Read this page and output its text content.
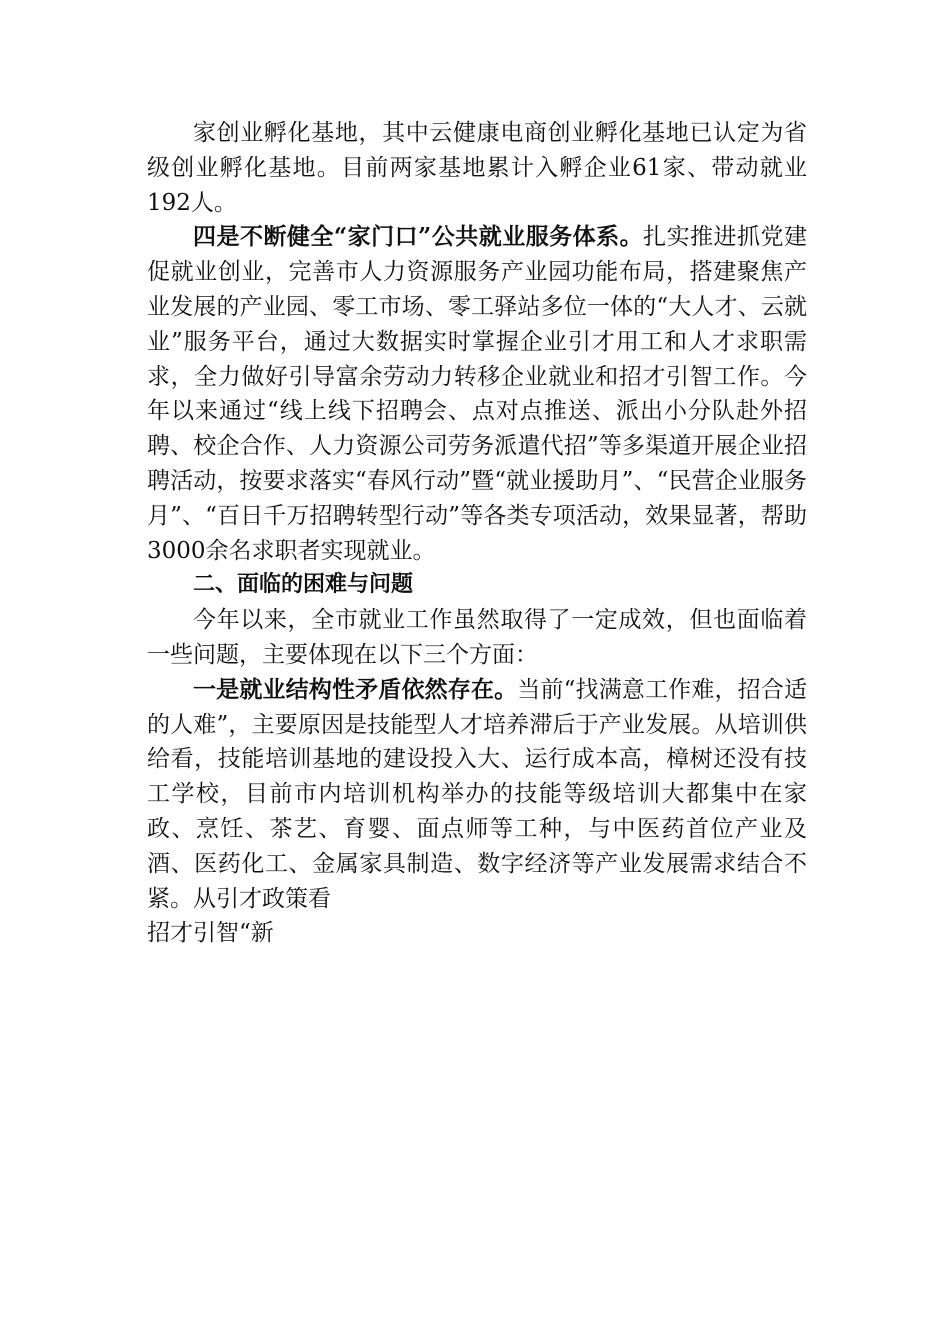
家创业孵化基地，其中云健康电商创业孵化基地已认定为省级创业孵化基地。目前两家基地累计入孵企业61家、带动就业192人。

四是不断健全“家门口”公共就业服务体系。扎实推进抓党建促就业创业，完善市人力资源服务产业园功能布局，搭建聚焦产业发展的产业园、零工市场、零工驿站多位一体的“大人才、云就业”服务平台，通过大数据实时掌握企业引才用工和人才求职需求，全力做好引导富余劳动力转移企业就业和招才引智工作。今年以来通过“线上线下招聘会、点对点推送、派出小分队赴外招聘、校企合作、人力资源公司劳务派遣代招”等多渠道开展企业招聘活动，按要求落实“春风行动”暨“就业援助月”、“民营企业服务月”、“百日千万招聘转型行动”等各类专项活动，效果显著，帮助3000余名求职者实现就业。

二、面临的困难与问题

今年以来，全市就业工作虽然取得了一定成效，但也面临着一些问题，主要体现在以下三个方面：

一是就业结构性矛盾依然存在。当前“找满意工作难，招合适的人难”，主要原因是技能型人才培养滞后于产业发展。从培训供给看，技能培训基地的建设投入大、运行成本高，樟树还没有技工学校，目前市内培训机构举办的技能等级培训大都集中在家政、烹饪、茶艺、育婴、面点师等工种，与中医药首位产业及酒、医药化工、金属家具制造、数字经济等产业发展需求结合不紧。从引才政策看

招才引智“新
